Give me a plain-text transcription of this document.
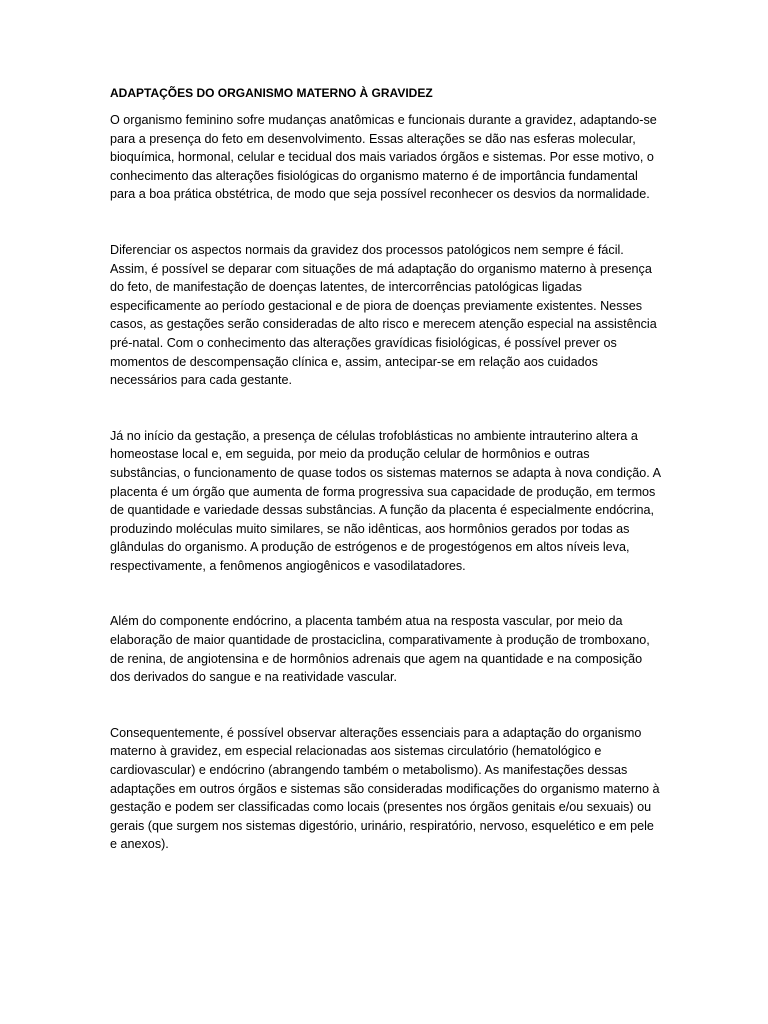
ADAPTAÇÕES DO ORGANISMO MATERNO À GRAVIDEZ

O organismo feminino sofre mudanças anatômicas e funcionais durante a gravidez, adaptando-se para a presença do feto em desenvolvimento. Essas alterações se dão nas esferas molecular, bioquímica, hormonal, celular e tecidual dos mais variados órgãos e sistemas. Por esse motivo, o conhecimento das alterações fisiológicas do organismo materno é de importância fundamental para a boa prática obstétrica, de modo que seja possível reconhecer os desvios da normalidade.

Diferenciar os aspectos normais da gravidez dos processos patológicos nem sempre é fácil. Assim, é possível se deparar com situações de má adaptação do organismo materno à presença do feto, de manifestação de doenças latentes, de intercorrências patológicas ligadas especificamente ao período gestacional e de piora de doenças previamente existentes. Nesses casos, as gestações serão consideradas de alto risco e merecem atenção especial na assistência pré-natal. Com o conhecimento das alterações gravídicas fisiológicas, é possível prever os momentos de descompensação clínica e, assim, antecipar-se em relação aos cuidados necessários para cada gestante.

Já no início da gestação, a presença de células trofoblásticas no ambiente intrauterino altera a homeostase local e, em seguida, por meio da produção celular de hormônios e outras substâncias, o funcionamento de quase todos os sistemas maternos se adapta à nova condição. A placenta é um órgão que aumenta de forma progressiva sua capacidade de produção, em termos de quantidade e variedade dessas substâncias. A função da placenta é especialmente endócrina, produzindo moléculas muito similares, se não idênticas, aos hormônios gerados por todas as glândulas do organismo. A produção de estrógenos e de progestógenos em altos níveis leva, respectivamente, a fenômenos angiogênicos e vasodilatadores.

Além do componente endócrino, a placenta também atua na resposta vascular, por meio da elaboração de maior quantidade de prostaciclina, comparativamente à produção de tromboxano, de renina, de angiotensina e de hormônios adrenais que agem na quantidade e na composição dos derivados do sangue e na reatividade vascular.

Consequentemente, é possível observar alterações essenciais para a adaptação do organismo materno à gravidez, em especial relacionadas aos sistemas circulatório (hematológico e cardiovascular) e endócrino (abrangendo também o metabolismo). As manifestações dessas adaptações em outros órgãos e sistemas são consideradas modificações do organismo materno à gestação e podem ser classificadas como locais (presentes nos órgãos genitais e/ou sexuais) ou gerais (que surgem nos sistemas digestório, urinário, respiratório, nervoso, esquelético e em pele e anexos).
